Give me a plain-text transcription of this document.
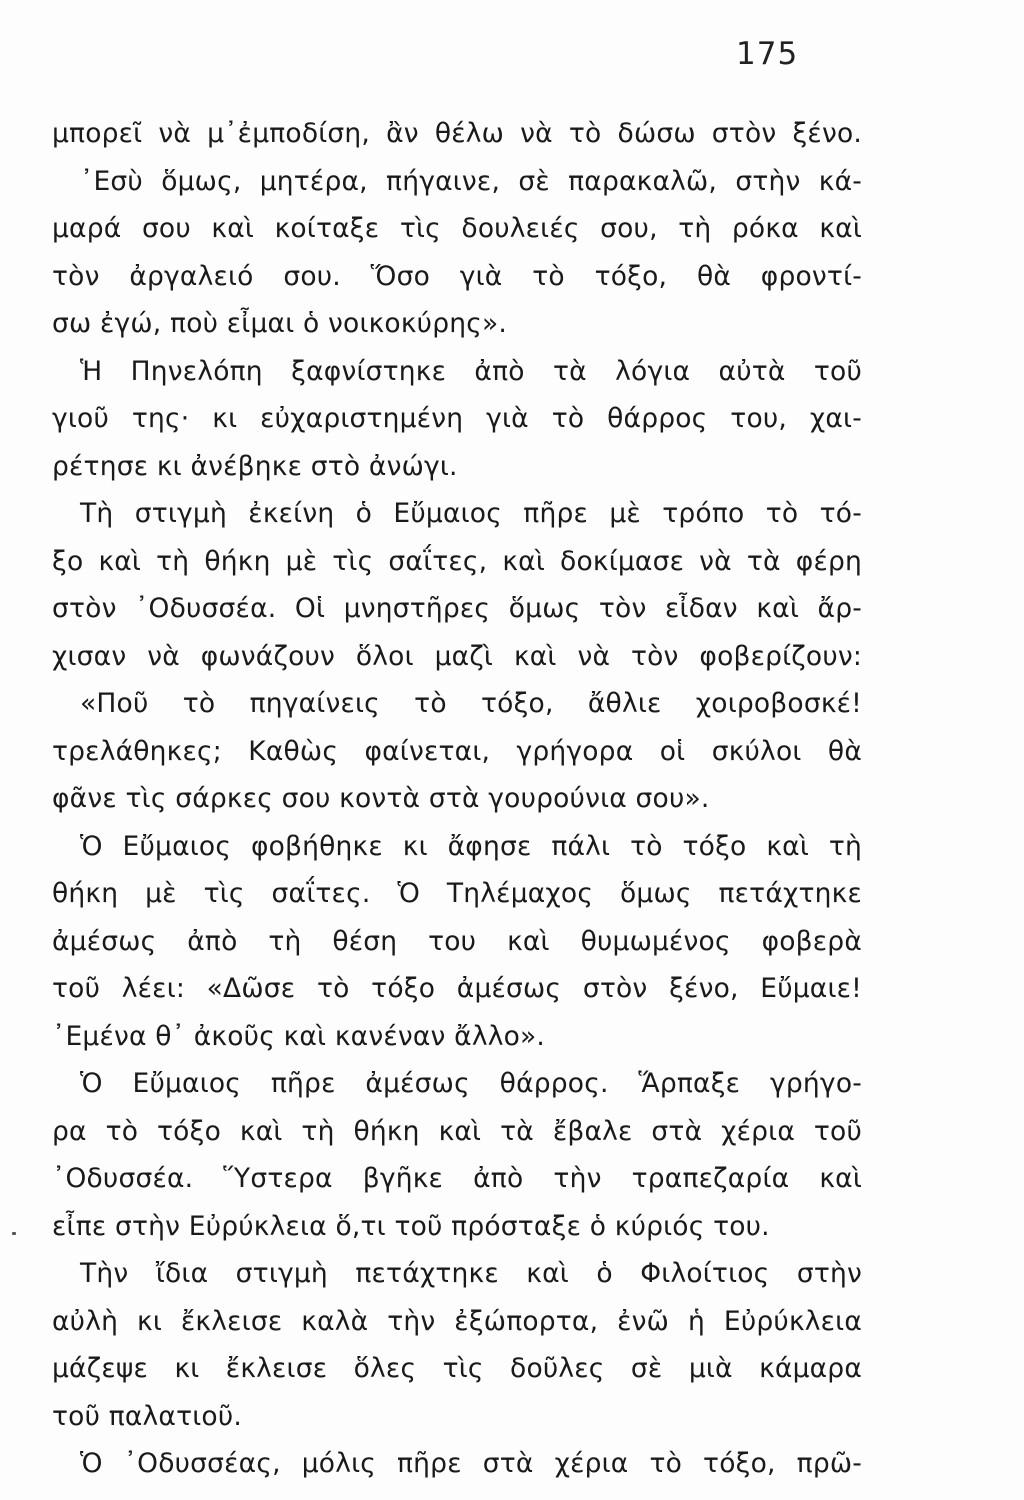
175
μπορεῖ νὰ μ᾽ἐμποδίση, ἂν θέλω νὰ τὸ δώσω στὸν ξένο.
᾽Εσὺ ὅμως, μητέρα, πήγαινε, σὲ παρακαλῶ, στὴν κά-
μαρά σου καὶ κοίταξε τὶς δουλειές σου, τὴ ρόκα καὶ
τὸν ἀργαλειό σου. Ὅσο γιὰ τὸ τόξο, θὰ φροντί-
σω ἐγώ, ποὺ εἶμαι ὁ νοικοκύρης».
Ἡ Πηνελόπη ξαφνίστηκε ἀπὸ τὰ λόγια αὐτὰ τοῦ
γιοῦ της· κι εὐχαριστημένη γιὰ τὸ θάρρος του, χαι-
ρέτησε κι ἀνέβηκε στὸ ἀνώγι.
Τὴ στιγμὴ ἐκείνη ὁ Εὔμαιος πῆρε μὲ τρόπο τὸ τό-
ξο καὶ τὴ θήκη μὲ τὶς σαΐτες, καὶ δοκίμασε νὰ τὰ φέρη
στὸν ᾽Οδυσσέα. Οἱ μνηστῆρες ὅμως τὸν εἶδαν καὶ ἄρ-
χισαν νὰ φωνάζουν ὅλοι μαζὶ καὶ νὰ τὸν φοβερίζουν:
«Ποῦ τὸ πηγαίνεις τὸ τόξο, ἄθλιε χοιροβοσκέ!
τρελάθηκες; Καθὼς φαίνεται, γρήγορα οἱ σκύλοι θὰ
φᾶνε τὶς σάρκες σου κοντὰ στὰ γουρούνια σου».
Ὁ Εὔμαιος φοβήθηκε κι ἄφησε πάλι τὸ τόξο καὶ τὴ
θήκη μὲ τὶς σαΐτες. Ὁ Τηλέμαχος ὅμως πετάχτηκε
ἀμέσως ἀπὸ τὴ θέση του καὶ θυμωμένος φοβερὰ
τοῦ λέει: «Δῶσε τὸ τόξο ἀμέσως στὸν ξένο, Εὔμαιε!
᾽Εμένα θ᾽ ἀκοῦς καὶ κανέναν ἄλλο».
Ὁ Εὔμαιος πῆρε ἀμέσως θάρρος. Ἅρπαξε γρήγο-
ρα τὸ τόξο καὶ τὴ θήκη καὶ τὰ ἔβαλε στὰ χέρια τοῦ
᾽Οδυσσέα. Ὕστερα βγῆκε ἀπὸ τὴν τραπεζαρία καὶ
εἶπε στὴν Εὐρύκλεια ὅ,τι τοῦ πρόσταξε ὁ κύριός του.
Τὴν ἴδια στιγμὴ πετάχτηκε καὶ ὁ Φιλοίτιος στὴν
αὐλὴ κι ἔκλεισε καλὰ τὴν ἐξώπορτα, ἐνῶ ἡ Εὐρύκλεια
μάζεψε κι ἔκλεισε ὅλες τὶς δοῦλες σὲ μιὰ κάμαρα
τοῦ παλατιοῦ.
Ὁ ᾽Οδυσσέας, μόλις πῆρε στὰ χέρια τὸ τόξο, πρῶ-
